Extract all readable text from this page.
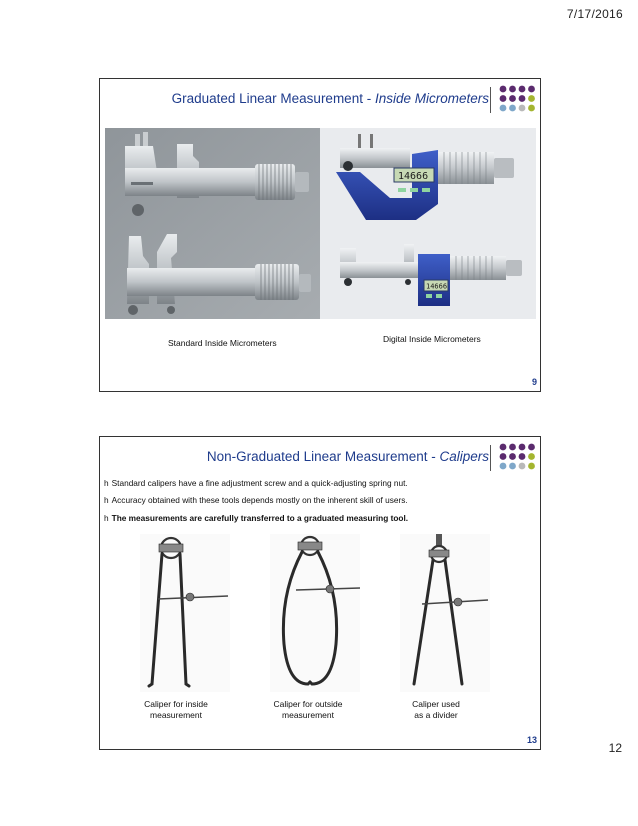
7/17/2016
Graduated Linear Measurement - Inside Micrometers
14666
14666
Standard Inside Micrometers	Digital Inside Micrometers
9
Non-Graduated Linear Measurement - Calipers
h Standard calipers have a fine adjustment screw and a quick-adjusting spring nut.
h Accuracy obtained with these tools depends mostly on the inherent skill of users.
h The measurements are carefully transferred to a graduated measuring tool.
Caliper for inside
measurement
Caliper for outside
measurement
Caliper used
as a divider
13
12
